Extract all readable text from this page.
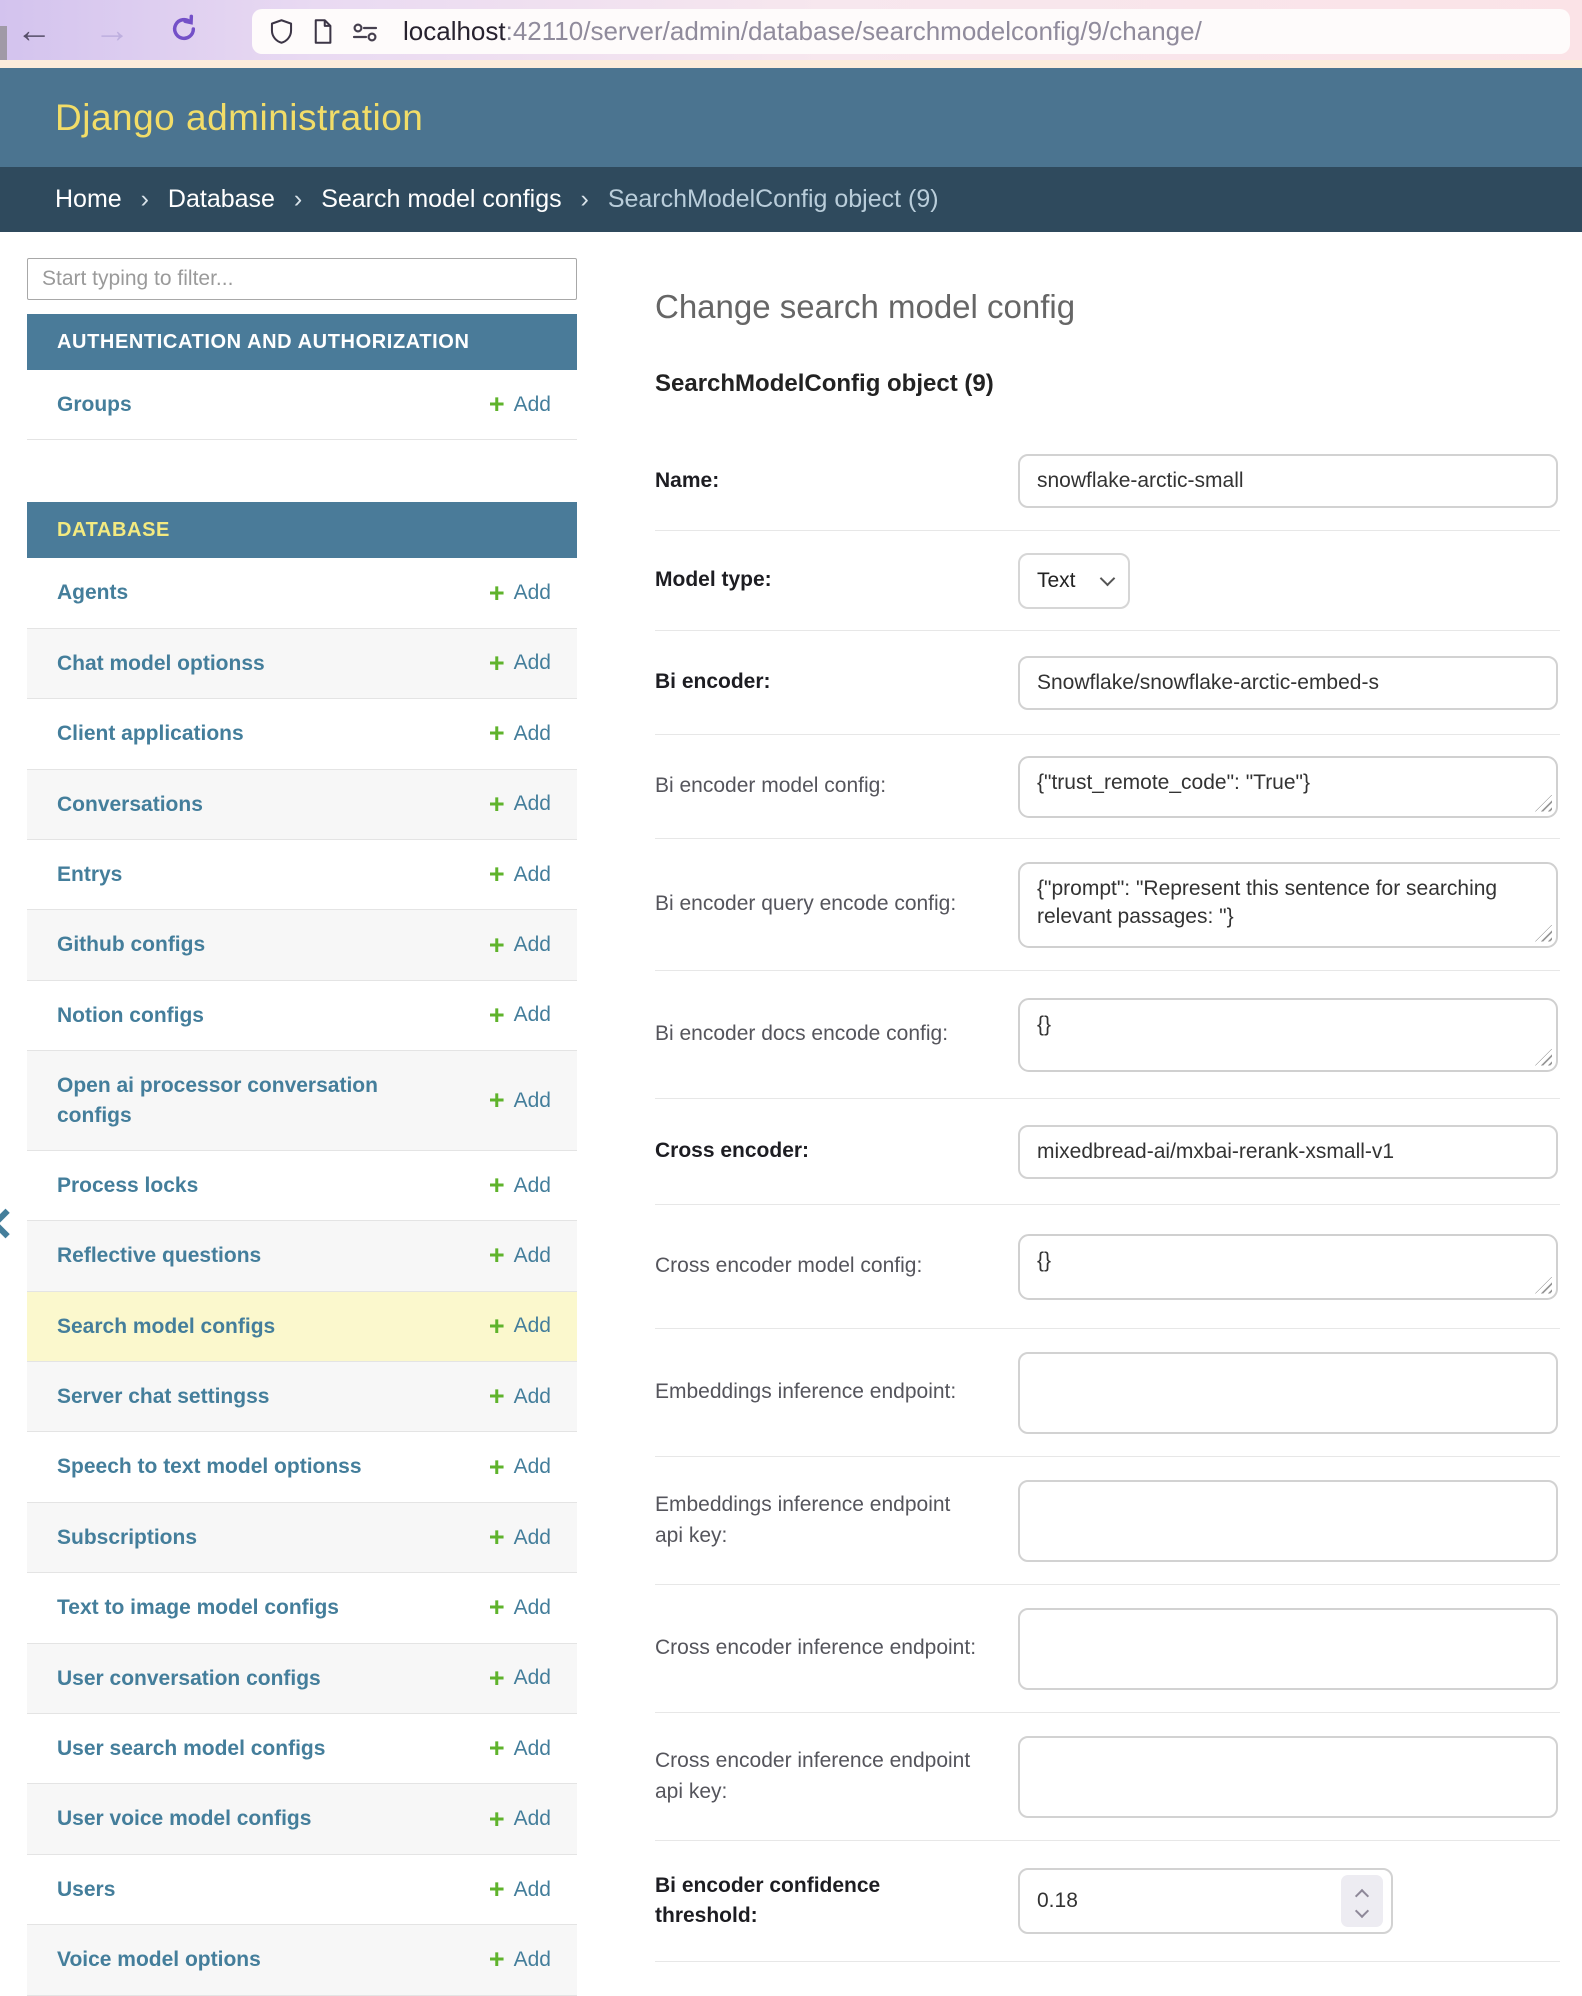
← →	localhost:42110/server/admin/database/searchmodelconfig/9/change/
Django administration
Home › Database › Search model configs › SearchModelConfig object (9)
Start typing to filter...
AUTHENTICATION AND AUTHORIZATION
Groups	+ Add
DATABASE
Agents	+ Add
Chat model optionss	+ Add
Client applications	+ Add
Conversations	+ Add
Entrys	+ Add
Github configs	+ Add
Notion configs	+ Add
Open ai processor conversation configs	+ Add
Process locks	+ Add
Reflective questions	+ Add
Search model configs	+ Add
Server chat settingss	+ Add
Speech to text model optionss	+ Add
Subscriptions	+ Add
Text to image model configs	+ Add
User conversation configs	+ Add
User search model configs	+ Add
User voice model configs	+ Add
Users	+ Add
Voice model options	+ Add
Change search model config
SearchModelConfig object (9)
Name:
snowflake-arctic-small
Model type:	Text
Bi encoder:
Snowflake/snowflake-arctic-embed-s
Bi encoder model config:	{"trust_remote_code": "True"}
Bi encoder query encode config:
{"prompt": "Represent this sentence for searching relevant passages: "}
Bi encoder docs encode config:	{}
Cross encoder:
mixedbread-ai/mxbai-rerank-xsmall-v1
Cross encoder model config:	{}
Embeddings inference endpoint:
Embeddings inference endpoint api key:
Cross encoder inference endpoint:
Cross encoder inference endpoint api key:
Bi encoder confidence threshold:
0.18
